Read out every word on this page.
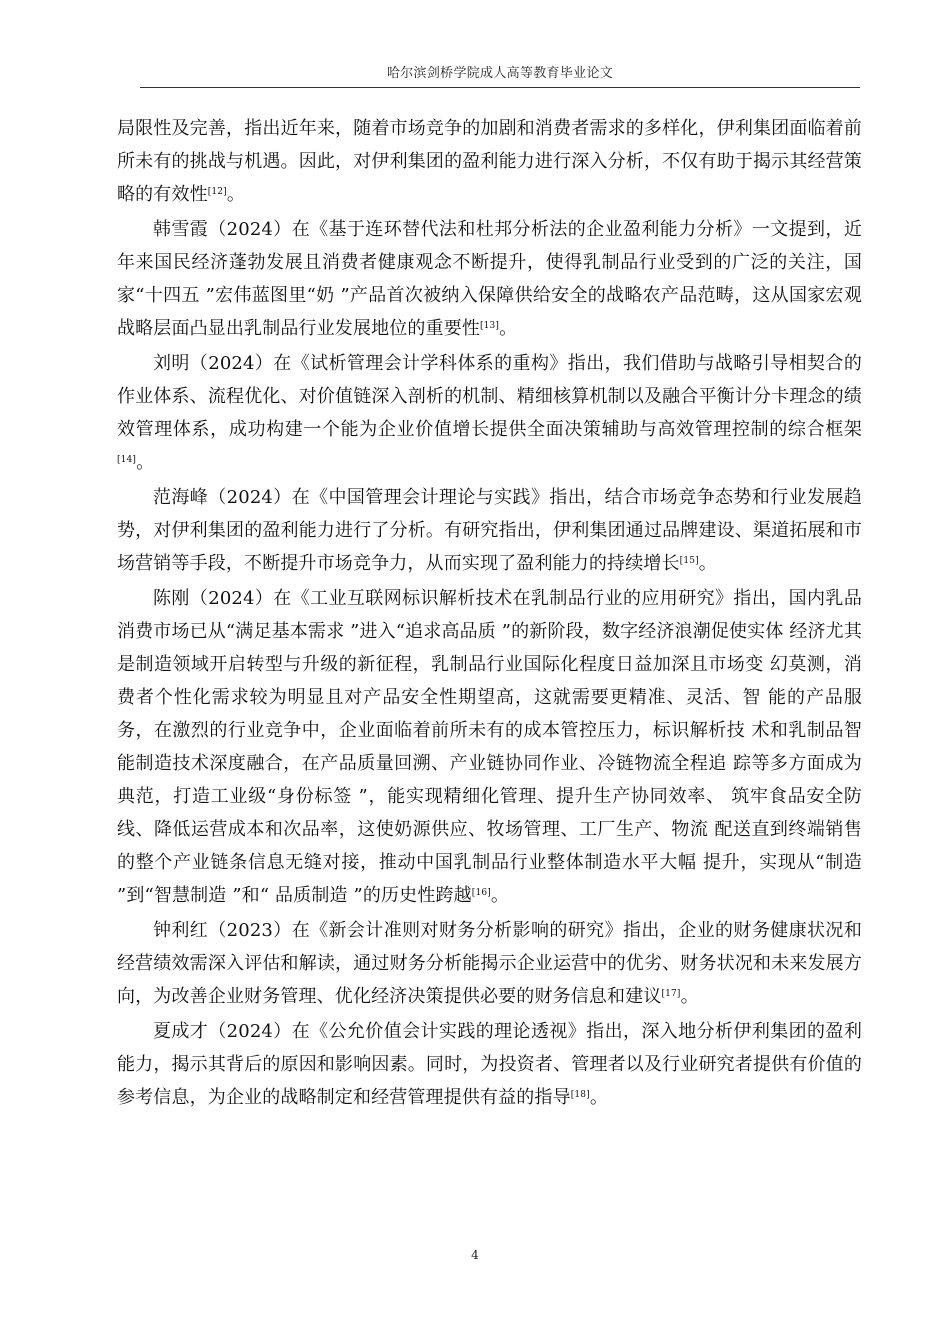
哈尔滨剑桥学院成人高等教育毕业论文

局限性及完善，指出近年来，随着市场竞争的加剧和消费者需求的多样化，伊利集团面临着前所未有的挑战与机遇。因此，对伊利集团的盈利能力进行深入分析，不仅有助于揭示其经营策略的有效性[12]。

韩雪霞（2024）在《基于连环替代法和杜邦分析法的企业盈利能力分析》一文提到，近年来国民经济蓬勃发展且消费者健康观念不断提升，使得乳制品行业受到的广泛的关注，国家“十四五 ”宏伟蓝图里“奶 ”产品首次被纳入保障供给安全的战略农产品范畴，这从国家宏观战略层面凸显出乳制品行业发展地位的重要性[13]。

刘明（2024）在《试析管理会计学科体系的重构》指出，我们借助与战略引导相契合的作业体系、流程优化、对价值链深入剖析的机制、精细核算机制以及融合平衡计分卡理念的绩效管理体系，成功构建一个能为企业价值增长提供全面决策辅助与高效管理控制的综合框架[14]。

范海峰（2024）在《中国管理会计理论与实践》指出，结合市场竞争态势和行业发展趋势，对伊利集团的盈利能力进行了分析。有研究指出，伊利集团通过品牌建设、渠道拓展和市场营销等手段，不断提升市场竞争力，从而实现了盈利能力的持续增长[15]。

陈刚（2024）在《工业互联网标识解析技术在乳制品行业的应用研究》指出，国内乳品消费市场已从“满足基本需求 ”进入“追求高品质 ”的新阶段，数字经济浪潮促使实体 经济尤其是制造领域开启转型与升级的新征程，乳制品行业国际化程度日益加深且市场变 幻莫测，消费者个性化需求较为明显且对产品安全性期望高，这就需要更精准、灵活、智 能的产品服务，在激烈的行业竞争中，企业面临着前所未有的成本管控压力，标识解析技 术和乳制品智能制造技术深度融合，在产品质量回溯、产业链协同作业、冷链物流全程追 踪等多方面成为典范，打造工业级“身份标签 ”，能实现精细化管理、提升生产协同效率、 筑牢食品安全防线、降低运营成本和次品率，这使奶源供应、牧场管理、工厂生产、物流 配送直到终端销售的整个产业链条信息无缝对接，推动中国乳制品行业整体制造水平大幅 提升，实现从“制造 ”到“智慧制造 ”和“ 品质制造 ”的历史性跨越[16]。

钟利红（2023）在《新会计准则对财务分析影响的研究》指出，企业的财务健康状况和经营绩效需深入评估和解读，通过财务分析能揭示企业运营中的优劣、财务状况和未来发展方向，为改善企业财务管理、优化经济决策提供必要的财务信息和建议[17]。

夏成才（2024）在《公允价值会计实践的理论透视》指出，深入地分析伊利集团的盈利能力，揭示其背后的原因和影响因素。同时，为投资者、管理者以及行业研究者提供有价值的参考信息，为企业的战略制定和经营管理提供有益的指导[18]。

4
